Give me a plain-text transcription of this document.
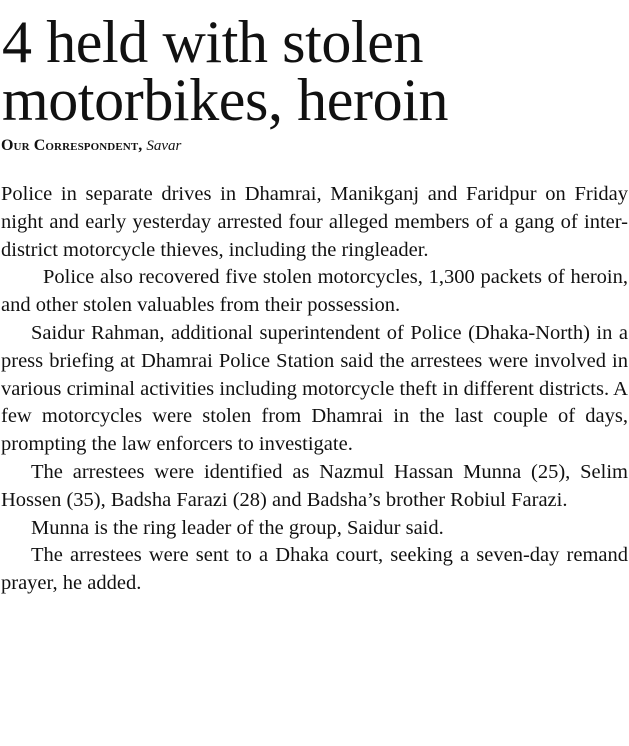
4 held with stolen
motorbikes, heroin
Our Correspondent, Savar

Police in separate drives in Dhamrai, Manikganj and Faridpur on Friday night and early yesterday arrested four alleged members of a gang of inter-district motorcycle thieves, including the ringleader.

Police also recovered five stolen motorcycles, 1,300 packets of heroin, and other stolen valuables from their possession.

Saidur Rahman, additional superintendent of Police (Dhaka-North) in a press briefing at Dhamrai Police Station said the arrestees were involved in various criminal activities including motorcycle theft in different districts. A few motorcycles were stolen from Dhamrai in the last couple of days, prompting the law enforcers to investigate.

The arrestees were identified as Nazmul Hassan Munna (25), Selim Hossen (35), Badsha Farazi (28) and Badsha’s brother Robiul Farazi.

Munna is the ring leader of the group, Saidur said.

The arrestees were sent to a Dhaka court, seeking a seven-day remand prayer, he added.
